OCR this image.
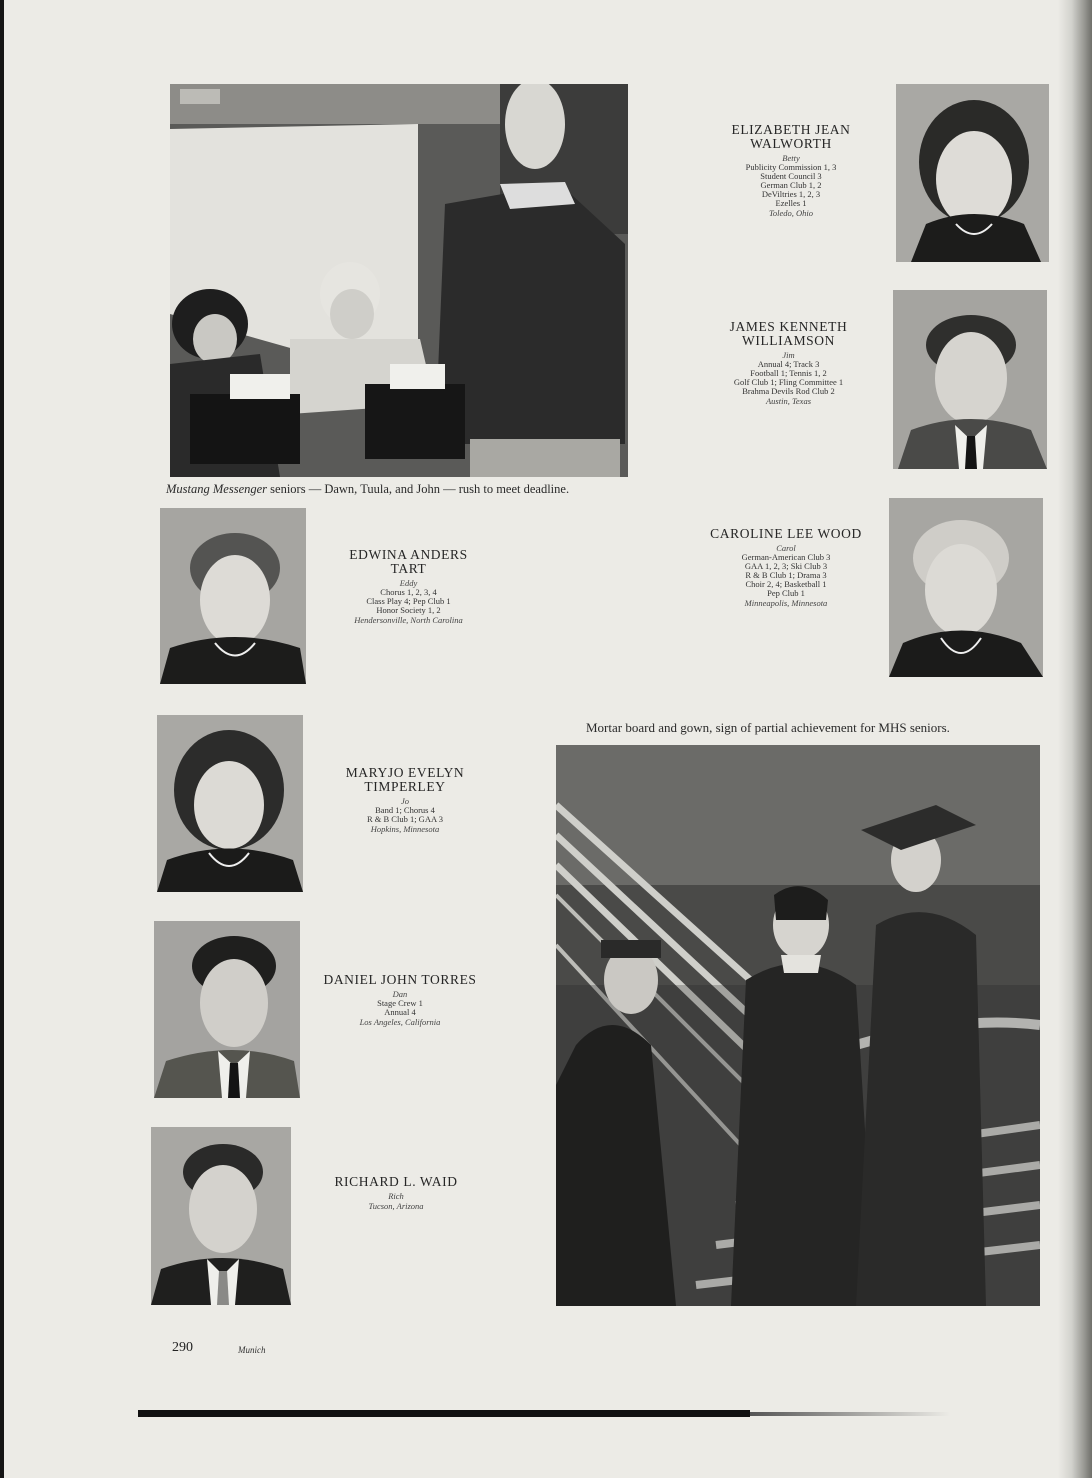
Mustang Messenger seniors — Dawn, Tuula, and John — rush to meet deadline.
ELIZABETH JEAN
WALWORTH
Betty
Publicity Commission 1, 3
Student Council 3
German Club 1, 2
DeViltries 1, 2, 3
Ezelles 1
Toledo, Ohio
JAMES KENNETH
WILLIAMSON
Jim
Annual 4; Track 3
Football 1; Tennis 1, 2
Golf Club 1; Fling Committee 1
Brahma Devils Rod Club 2
Austin, Texas
CAROLINE LEE WOOD
Carol
German-American Club 3
GAA 1, 2, 3; Ski Club 3
R & B Club 1; Drama 3
Choir 2, 4; Basketball 1
Pep Club 1
Minneapolis, Minnesota
EDWINA ANDERS
TART
Eddy
Chorus 1, 2, 3, 4
Class Play 4; Pep Club 1
Honor Society 1, 2
Hendersonville, North Carolina
Mortar board and gown, sign of partial achievement for MHS seniors.
MARYJO EVELYN
TIMPERLEY
Jo
Band 1; Chorus 4
R & B Club 1; GAA 3
Hopkins, Minnesota
DANIEL JOHN TORRES
Dan
Stage Crew 1
Annual 4
Los Angeles, California
RICHARD L. WAID
Rich
Tucson, Arizona
290	Munich
